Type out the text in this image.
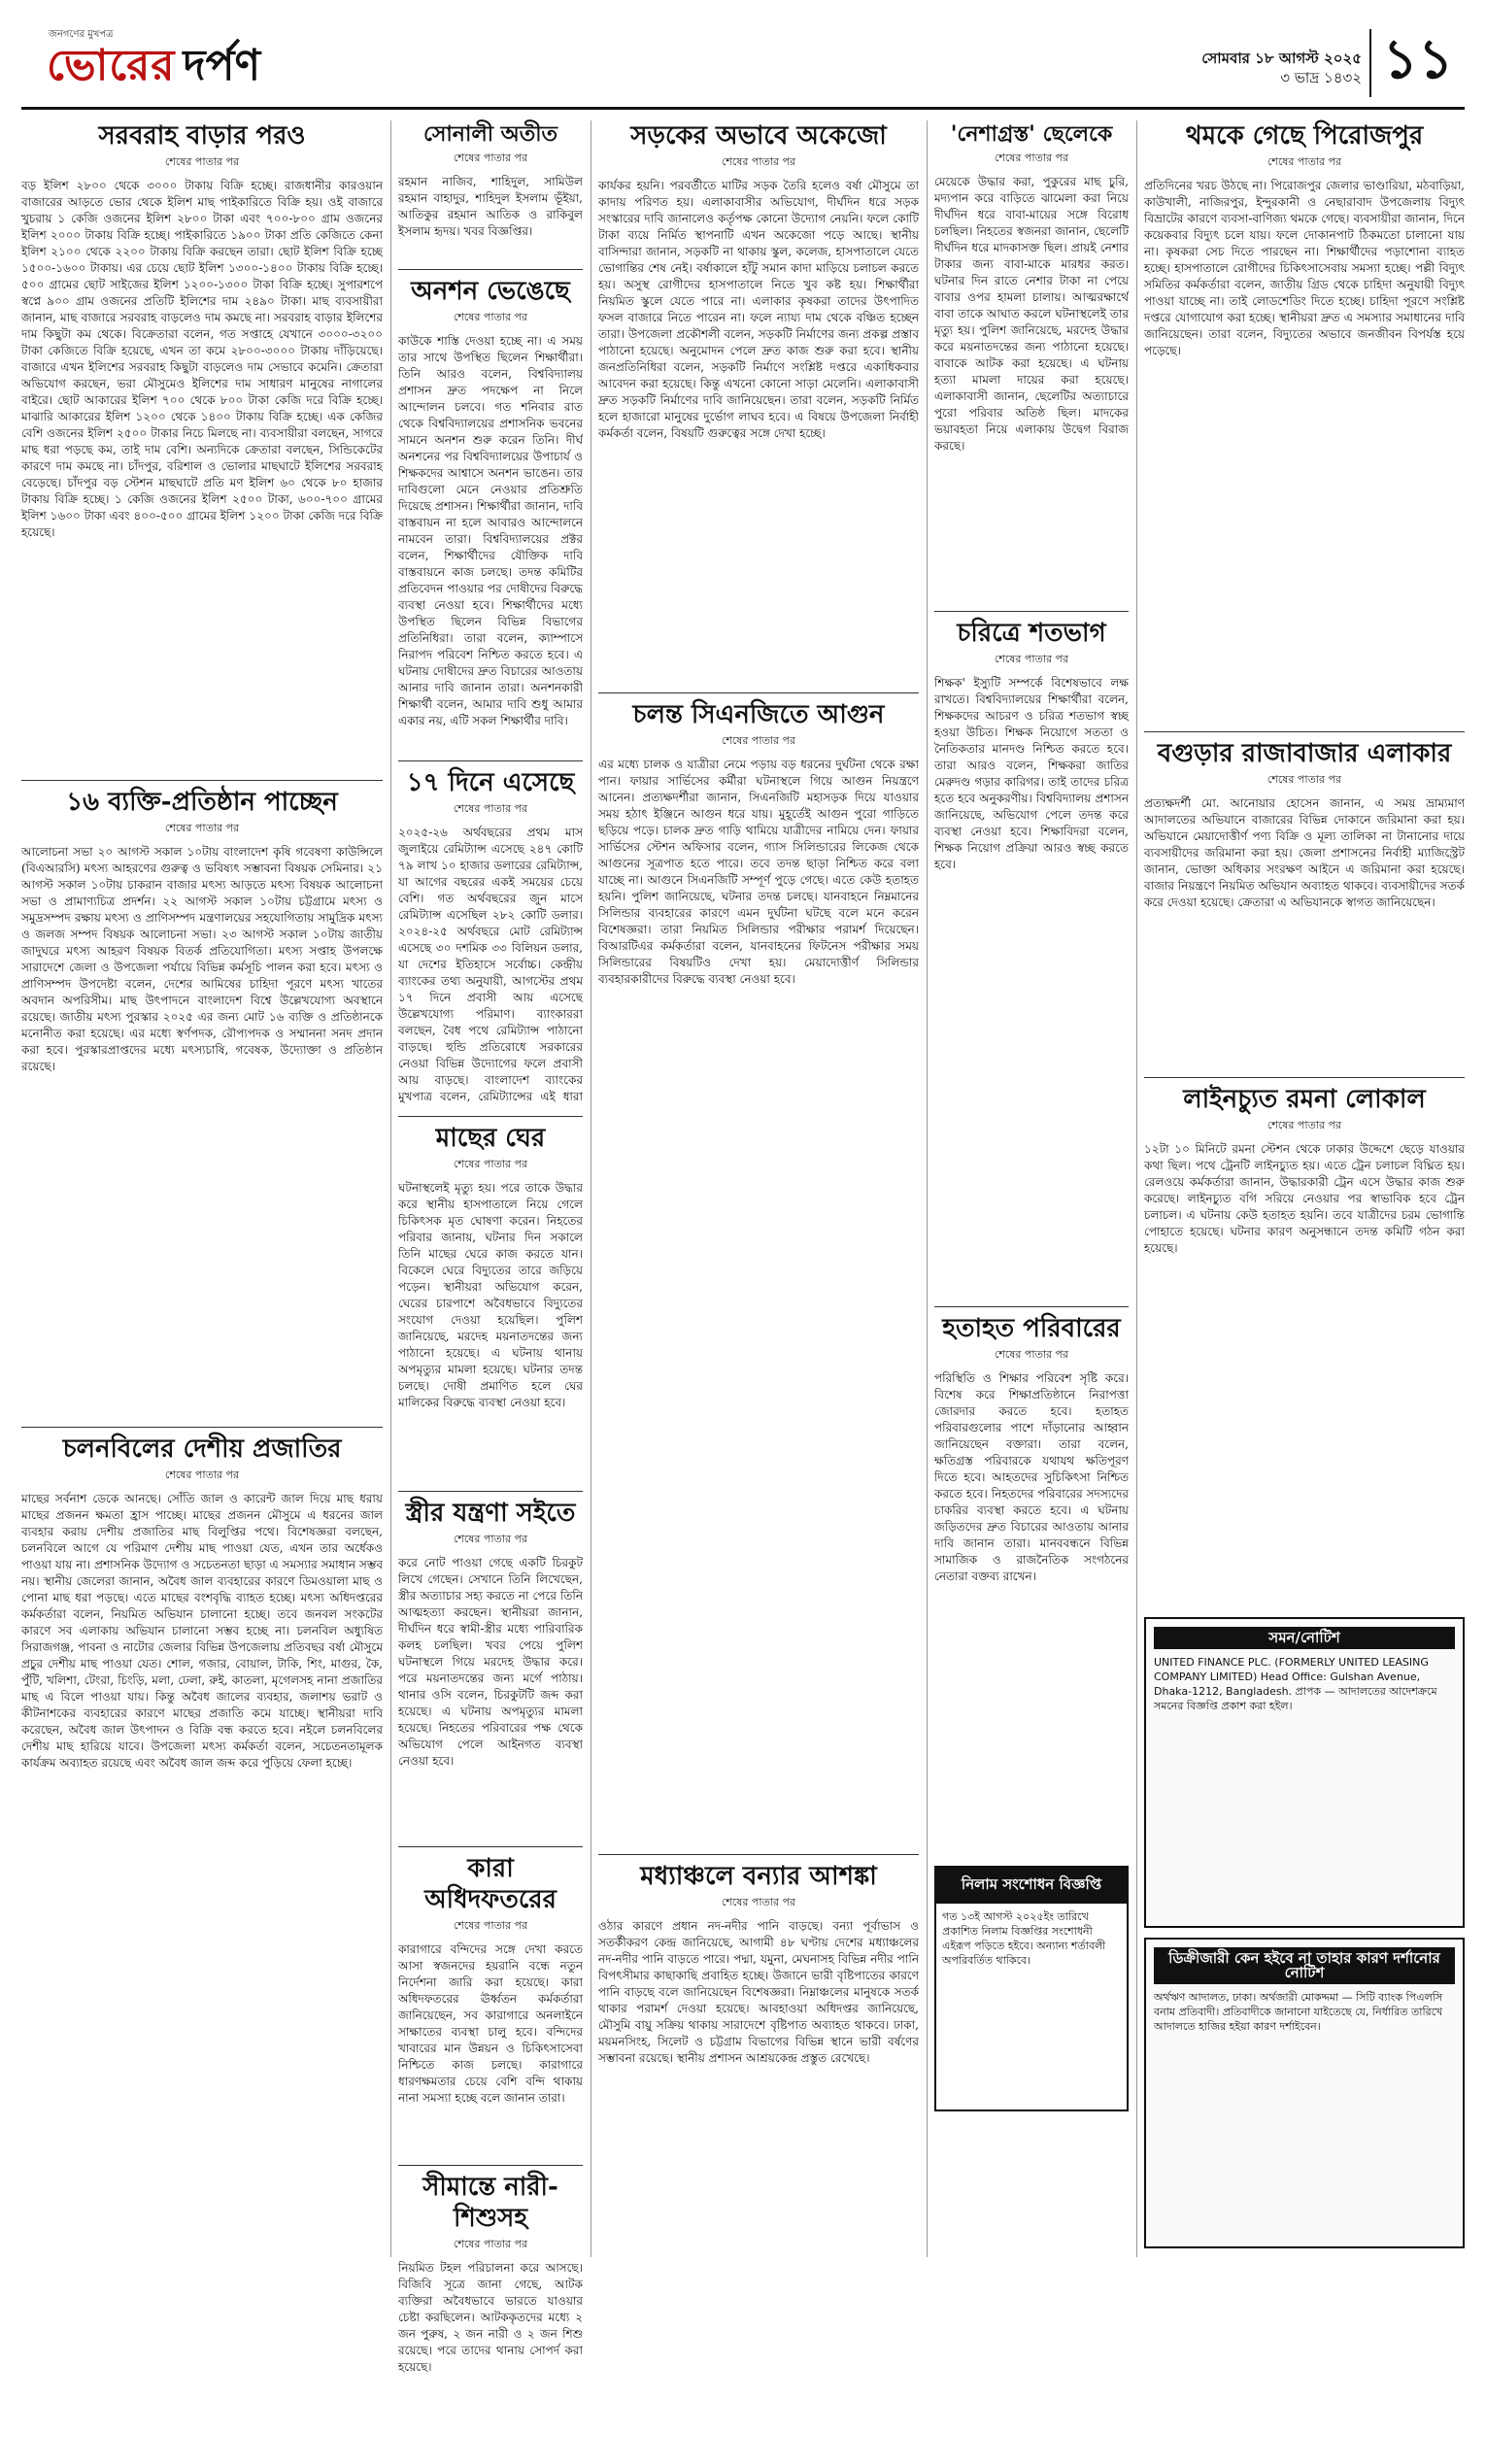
জনগণের মুখপত্র
ভোরের দর্পণ	সোমবার ১৮ আগস্ট ২০২৫
৩ ভাদ্র ১৪৩২ ১১
সরবরাহ বাড়ার পরও
শেষের পাতার পর
বড় ইলিশ ২৮০০ থেকে ৩০০০ টাকায় বিক্রি হচ্ছে। রাজধানীর কারওয়ান বাজারের আড়তে ভোর থেকে ইলিশ মাছ পাইকারিতে বিক্রি হয়। ওই বাজারে খুচরায় ১ কেজি ওজনের ইলিশ ২৮০০ টাকা এবং ৭০০-৮০০ গ্রাম ওজনের ইলিশ ২০০০ টাকায় বিক্রি হচ্ছে। পাইকারিতে ১৯০০ টাকা প্রতি কেজিতে কেনা ইলিশ ২১০০ থেকে ২২০০ টাকায় বিক্রি করছেন তারা। ছোট ইলিশ বিক্রি হচ্ছে ১৫০০-১৬০০ টাকায়। এর চেয়ে ছোট ইলিশ ১৩০০-১৪০০ টাকায় বিক্রি হচ্ছে। ৫০০ গ্রামের ছোট সাইজের ইলিশ ১২০০-১৩০০ টাকা বিক্রি হচ্ছে। সুপারশপে স্বপ্নে ৯০০ গ্রাম ওজনের প্রতিটি ইলিশের দাম ২৪৯০ টাকা। মাছ ব্যবসায়ীরা জানান, মাছ বাজারে সরবরাহ বাড়লেও দাম কমছে না। সরবরাহ বাড়ার ইলিশের দাম কিছুটা কম থেকে। বিক্রেতারা বলেন, গত সপ্তাহে যেখানে ৩০০০-৩২০০ টাকা কেজিতে বিক্রি হয়েছে, এখন তা কমে ২৮০০-৩০০০ টাকায় দাঁড়িয়েছে। বাজারে এখন ইলিশের সরবরাহ কিছুটা বাড়লেও দাম সেভাবে কমেনি। ক্রেতারা অভিযোগ করছেন, ভরা মৌসুমেও ইলিশের দাম সাধারণ মানুষের নাগালের বাইরে। ছোট আকারের ইলিশ ৭০০ থেকে ৮০০ টাকা কেজি দরে বিক্রি হচ্ছে। মাঝারি আকারের ইলিশ ১২০০ থেকে ১৪০০ টাকায় বিক্রি হচ্ছে। এক কেজির বেশি ওজনের ইলিশ ২৫০০ টাকার নিচে মিলছে না। ব্যবসায়ীরা বলছেন, সাগরে মাছ ধরা পড়ছে কম, তাই দাম বেশি। অন্যদিকে ক্রেতারা বলছেন, সিন্ডিকেটের কারণে দাম কমছে না। চাঁদপুর, বরিশাল ও ভোলার মাছঘাটে ইলিশের সরবরাহ বেড়েছে। চাঁদপুর বড় স্টেশন মাছঘাটে প্রতি মণ ইলিশ ৬০ থেকে ৮০ হাজার টাকায় বিক্রি হচ্ছে। ১ কেজি ওজনের ইলিশ ২৫০০ টাকা, ৬০০-৭০০ গ্রামের ইলিশ ১৬০০ টাকা এবং ৪০০-৫০০ গ্রামের ইলিশ ১২০০ টাকা কেজি দরে বিক্রি হয়েছে।
১৬ ব্যক্তি-প্রতিষ্ঠান পাচ্ছেন
শেষের পাতার পর
আলোচনা সভা ২০ আগস্ট সকাল ১০টায় বাংলাদেশ কৃষি গবেষণা কাউন্সিলে (বিএআরসি) মৎস্য আহরণের গুরুত্ব ও ভবিষ্যৎ সম্ভাবনা বিষয়ক সেমিনার। ২১ আগস্ট সকাল ১০টায় চাকরান বাজার মৎস্য আড়তে মৎস্য বিষয়ক আলোচনা সভা ও প্রামাণ্যচিত্র প্রদর্শন। ২২ আগস্ট সকাল ১০টায় চট্টগ্রামে মৎস্য ও সমুদ্রসম্পদ রক্ষায় মৎস্য ও প্রাণিসম্পদ মন্ত্রণালয়ের সহযোগিতায় সামুদ্রিক মৎস্য ও জলজ সম্পদ বিষয়ক আলোচনা সভা। ২৩ আগস্ট সকাল ১০টায় জাতীয় জাদুঘরে মৎস্য আহরণ বিষয়ক বিতর্ক প্রতিযোগিতা। মৎস্য সপ্তাহ উপলক্ষে সারাদেশে জেলা ও উপজেলা পর্যায়ে বিভিন্ন কর্মসূচি পালন করা হবে। মৎস্য ও প্রাণিসম্পদ উপদেষ্টা বলেন, দেশের আমিষের চাহিদা পূরণে মৎস্য খাতের অবদান অপরিসীম। মাছ উৎপাদনে বাংলাদেশ বিশ্বে উল্লেখযোগ্য অবস্থানে রয়েছে। জাতীয় মৎস্য পুরস্কার ২০২৫ এর জন্য মোট ১৬ ব্যক্তি ও প্রতিষ্ঠানকে মনোনীত করা হয়েছে। এর মধ্যে স্বর্ণপদক, রৌপ্যপদক ও সম্মাননা সনদ প্রদান করা হবে। পুরস্কারপ্রাপ্তদের মধ্যে মৎস্যচাষি, গবেষক, উদ্যোক্তা ও প্রতিষ্ঠান রয়েছে।
চলনবিলের দেশীয় প্রজাতির
শেষের পাতার পর
মাছের সর্বনাশ ডেকে আনছে। সোঁতি জাল ও কারেন্ট জাল দিয়ে মাছ ধরায় মাছের প্রজনন ক্ষমতা হ্রাস পাচ্ছে। মাছের প্রজনন মৌসুমে এ ধরনের জাল ব্যবহার করায় দেশীয় প্রজাতির মাছ বিলুপ্তির পথে। বিশেষজ্ঞরা বলছেন, চলনবিলে আগে যে পরিমাণ দেশীয় মাছ পাওয়া যেত, এখন তার অর্ধেকও পাওয়া যায় না। প্রশাসনিক উদ্যোগ ও সচেতনতা ছাড়া এ সমস্যার সমাধান সম্ভব নয়। স্থানীয় জেলেরা জানান, অবৈধ জাল ব্যবহারের কারণে ডিমওয়ালা মাছ ও পোনা মাছ ধরা পড়ছে। এতে মাছের বংশবৃদ্ধি ব্যাহত হচ্ছে। মৎস্য অধিদপ্তরের কর্মকর্তারা বলেন, নিয়মিত অভিযান চালানো হচ্ছে। তবে জনবল সংকটের কারণে সব এলাকায় অভিযান চালানো সম্ভব হচ্ছে না। চলনবিল অধ্যুষিত সিরাজগঞ্জ, পাবনা ও নাটোর জেলার বিভিন্ন উপজেলায় প্রতিবছর বর্ষা মৌসুমে প্রচুর দেশীয় মাছ পাওয়া যেত। শোল, গজার, বোয়াল, টাকি, শিং, মাগুর, কৈ, পুঁটি, খলিশা, টেংরা, চিংড়ি, মলা, ঢেলা, রুই, কাতলা, মৃগেলসহ নানা প্রজাতির মাছ এ বিলে পাওয়া যায়। কিন্তু অবৈধ জালের ব্যবহার, জলাশয় ভরাট ও কীটনাশকের ব্যবহারের কারণে মাছের প্রজাতি কমে যাচ্ছে। স্থানীয়রা দাবি করেছেন, অবৈধ জাল উৎপাদন ও বিক্রি বন্ধ করতে হবে। নইলে চলনবিলের দেশীয় মাছ হারিয়ে যাবে। উপজেলা মৎস্য কর্মকর্তা বলেন, সচেতনতামূলক কার্যক্রম অব্যাহত রয়েছে এবং অবৈধ জাল জব্দ করে পুড়িয়ে ফেলা হচ্ছে।
সোনালী অতীত
শেষের পাতার পর
রহমান নাজিব, শাহিদুল, সামিউল রহমান বাহাদুর, শাহিদুল ইসলাম ভূঁইয়া, আতিকুর রহমান আতিক ও রাকিবুল ইসলাম হৃদয়। খবর বিজ্ঞপ্তির।
অনশন ভেঙেছে
শেষের পাতার পর
কাউকে শাস্তি দেওয়া হচ্ছে না। এ সময় তার সাথে উপস্থিত ছিলেন শিক্ষার্থীরা। তিনি আরও বলেন, বিশ্ববিদ্যালয় প্রশাসন দ্রুত পদক্ষেপ না নিলে আন্দোলন চলবে। গত শনিবার রাত থেকে বিশ্ববিদ্যালয়ের প্রশাসনিক ভবনের সামনে অনশন শুরু করেন তিনি। দীর্ঘ অনশনের পর বিশ্ববিদ্যালয়ের উপাচার্য ও শিক্ষকদের আশ্বাসে অনশন ভাঙেন। তার দাবিগুলো মেনে নেওয়ার প্রতিশ্রুতি দিয়েছে প্রশাসন। শিক্ষার্থীরা জানান, দাবি বাস্তবায়ন না হলে আবারও আন্দোলনে নামবেন তারা। বিশ্ববিদ্যালয়ের প্রক্টর বলেন, শিক্ষার্থীদের যৌক্তিক দাবি বাস্তবায়নে কাজ চলছে। তদন্ত কমিটির প্রতিবেদন পাওয়ার পর দোষীদের বিরুদ্ধে ব্যবস্থা নেওয়া হবে। শিক্ষার্থীদের মধ্যে উপস্থিত ছিলেন বিভিন্ন বিভাগের প্রতিনিধিরা। তারা বলেন, ক্যাম্পাসে নিরাপদ পরিবেশ নিশ্চিত করতে হবে। এ ঘটনায় দোষীদের দ্রুত বিচারের আওতায় আনার দাবি জানান তারা। অনশনকারী শিক্ষার্থী বলেন, আমার দাবি শুধু আমার একার নয়, এটি সকল শিক্ষার্থীর দাবি।
১৭ দিনে এসেছে
শেষের পাতার পর
২০২৫-২৬ অর্থবছরের প্রথম মাস জুলাইয়ে রেমিট্যান্স এসেছে ২৪৭ কোটি ৭৯ লাখ ১০ হাজার ডলারের রেমিট্যান্স, যা আগের বছরের একই সময়ের চেয়ে বেশি। গত অর্থবছরের জুন মাসে রেমিট্যান্স এসেছিল ২৮২ কোটি ডলার। ২০২৪-২৫ অর্থবছরে মোট রেমিট্যান্স এসেছে ৩০ দশমিক ৩৩ বিলিয়ন ডলার, যা দেশের ইতিহাসে সর্বোচ্চ। কেন্দ্রীয় ব্যাংকের তথ্য অনুযায়ী, আগস্টের প্রথম ১৭ দিনে প্রবাসী আয় এসেছে উল্লেখযোগ্য পরিমাণ। ব্যাংকাররা বলছেন, বৈধ পথে রেমিট্যান্স পাঠানো বাড়ছে। হুন্ডি প্রতিরোধে সরকারের নেওয়া বিভিন্ন উদ্যোগের ফলে প্রবাসী আয় বাড়ছে। বাংলাদেশ ব্যাংকের মুখপাত্র বলেন, রেমিট্যান্সের এই ধারা
মাছের ঘের
শেষের পাতার পর
ঘটনাস্থলেই মৃত্যু হয়। পরে তাকে উদ্ধার করে স্থানীয় হাসপাতালে নিয়ে গেলে চিকিৎসক মৃত ঘোষণা করেন। নিহতের পরিবার জানায়, ঘটনার দিন সকালে তিনি মাছের ঘেরে কাজ করতে যান। বিকেলে ঘেরে বিদ্যুতের তারে জড়িয়ে পড়েন। স্থানীয়রা অভিযোগ করেন, ঘেরের চারপাশে অবৈধভাবে বিদ্যুতের সংযোগ দেওয়া হয়েছিল। পুলিশ জানিয়েছে, মরদেহ ময়নাতদন্তের জন্য পাঠানো হয়েছে। এ ঘটনায় থানায় অপমৃত্যুর মামলা হয়েছে। ঘটনার তদন্ত চলছে। দোষী প্রমাণিত হলে ঘের মালিকের বিরুদ্ধে ব্যবস্থা নেওয়া হবে।
স্ত্রীর যন্ত্রণা সইতে
শেষের পাতার পর
করে নোট পাওয়া গেছে একটি চিরকুট লিখে গেছেন। সেখানে তিনি লিখেছেন, স্ত্রীর অত্যাচার সহ্য করতে না পেরে তিনি আত্মহত্যা করছেন। স্থানীয়রা জানান, দীর্ঘদিন ধরে স্বামী-স্ত্রীর মধ্যে পারিবারিক কলহ চলছিল। খবর পেয়ে পুলিশ ঘটনাস্থলে গিয়ে মরদেহ উদ্ধার করে। পরে ময়নাতদন্তের জন্য মর্গে পাঠায়। থানার ওসি বলেন, চিরকুটটি জব্দ করা হয়েছে। এ ঘটনায় অপমৃত্যুর মামলা হয়েছে। নিহতের পরিবারের পক্ষ থেকে অভিযোগ পেলে আইনগত ব্যবস্থা নেওয়া হবে।
কারা অধিদফতরের
শেষের পাতার পর
কারাগারে বন্দিদের সঙ্গে দেখা করতে আসা স্বজনদের হয়রানি বন্ধে নতুন নির্দেশনা জারি করা হয়েছে। কারা অধিদফতরের ঊর্ধ্বতন কর্মকর্তারা জানিয়েছেন, সব কারাগারে অনলাইনে সাক্ষাতের ব্যবস্থা চালু হবে। বন্দিদের খাবারের মান উন্নয়ন ও চিকিৎসাসেবা নিশ্চিতে কাজ চলছে। কারাগারে ধারণক্ষমতার চেয়ে বেশি বন্দি থাকায় নানা সমস্যা হচ্ছে বলে জানান তারা।
সীমান্তে নারী-শিশুসহ
শেষের পাতার পর
নিয়মিত টহল পরিচালনা করে আসছে। বিজিবি সূত্রে জানা গেছে, আটক ব্যক্তিরা অবৈধভাবে ভারতে যাওয়ার চেষ্টা করছিলেন। আটককৃতদের মধ্যে ২ জন পুরুষ, ২ জন নারী ও ২ জন শিশু রয়েছে। পরে তাদের থানায় সোপর্দ করা হয়েছে।
সড়কের অভাবে অকেজো
শেষের পাতার পর
কার্যকর হয়নি। পরবর্তীতে মাটির সড়ক তৈরি হলেও বর্ষা মৌসুমে তা কাদায় পরিণত হয়। এলাকাবাসীর অভিযোগ, দীর্ঘদিন ধরে সড়ক সংস্কারের দাবি জানালেও কর্তৃপক্ষ কোনো উদ্যোগ নেয়নি। ফলে কোটি টাকা ব্যয়ে নির্মিত স্থাপনাটি এখন অকেজো পড়ে আছে। স্থানীয় বাসিন্দারা জানান, সড়কটি না থাকায় স্কুল, কলেজ, হাসপাতালে যেতে ভোগান্তির শেষ নেই। বর্ষাকালে হাঁটু সমান কাদা মাড়িয়ে চলাচল করতে হয়। অসুস্থ রোগীদের হাসপাতালে নিতে খুব কষ্ট হয়। শিক্ষার্থীরা নিয়মিত স্কুলে যেতে পারে না। এলাকার কৃষকরা তাদের উৎপাদিত ফসল বাজারে নিতে পারেন না। ফলে ন্যায্য দাম থেকে বঞ্চিত হচ্ছেন তারা। উপজেলা প্রকৌশলী বলেন, সড়কটি নির্মাণের জন্য প্রকল্প প্রস্তাব পাঠানো হয়েছে। অনুমোদন পেলে দ্রুত কাজ শুরু করা হবে। স্থানীয় জনপ্রতিনিধিরা বলেন, সড়কটি নির্মাণে সংশ্লিষ্ট দপ্তরে একাধিকবার আবেদন করা হয়েছে। কিন্তু এখনো কোনো সাড়া মেলেনি। এলাকাবাসী দ্রুত সড়কটি নির্মাণের দাবি জানিয়েছেন। তারা বলেন, সড়কটি নির্মিত হলে হাজারো মানুষের দুর্ভোগ লাঘব হবে। এ বিষয়ে উপজেলা নির্বাহী কর্মকর্তা বলেন, বিষয়টি গুরুত্বের সঙ্গে দেখা হচ্ছে।
চলন্ত সিএনজিতে আগুন
শেষের পাতার পর
এর মধ্যে চালক ও যাত্রীরা নেমে পড়ায় বড় ধরনের দুর্ঘটনা থেকে রক্ষা পান। ফায়ার সার্ভিসের কর্মীরা ঘটনাস্থলে গিয়ে আগুন নিয়ন্ত্রণে আনেন। প্রত্যক্ষদর্শীরা জানান, সিএনজিটি মহাসড়ক দিয়ে যাওয়ার সময় হঠাৎ ইঞ্জিনে আগুন ধরে যায়। মুহূর্তেই আগুন পুরো গাড়িতে ছড়িয়ে পড়ে। চালক দ্রুত গাড়ি থামিয়ে যাত্রীদের নামিয়ে দেন। ফায়ার সার্ভিসের স্টেশন অফিসার বলেন, গ্যাস সিলিন্ডারের লিকেজ থেকে আগুনের সূত্রপাত হতে পারে। তবে তদন্ত ছাড়া নিশ্চিত করে বলা যাচ্ছে না। আগুনে সিএনজিটি সম্পূর্ণ পুড়ে গেছে। এতে কেউ হতাহত হয়নি। পুলিশ জানিয়েছে, ঘটনার তদন্ত চলছে। যানবাহনে নিম্নমানের সিলিন্ডার ব্যবহারের কারণে এমন দুর্ঘটনা ঘটছে বলে মনে করেন বিশেষজ্ঞরা। তারা নিয়মিত সিলিন্ডার পরীক্ষার পরামর্শ দিয়েছেন। বিআরটিএর কর্মকর্তারা বলেন, যানবাহনের ফিটনেস পরীক্ষার সময় সিলিন্ডারের বিষয়টিও দেখা হয়। মেয়াদোত্তীর্ণ সিলিন্ডার ব্যবহারকারীদের বিরুদ্ধে ব্যবস্থা নেওয়া হবে।
মধ্যাঞ্চলে বন্যার আশঙ্কা
শেষের পাতার পর
ওঠার কারণে প্রধান নদ-নদীর পানি বাড়ছে। বন্যা পূর্বাভাস ও সতর্কীকরণ কেন্দ্র জানিয়েছে, আগামী ৪৮ ঘণ্টায় দেশের মধ্যাঞ্চলের নদ-নদীর পানি বাড়তে পারে। পদ্মা, যমুনা, মেঘনাসহ বিভিন্ন নদীর পানি বিপৎসীমার কাছাকাছি প্রবাহিত হচ্ছে। উজানে ভারী বৃষ্টিপাতের কারণে পানি বাড়ছে বলে জানিয়েছেন বিশেষজ্ঞরা। নিম্নাঞ্চলের মানুষকে সতর্ক থাকার পরামর্শ দেওয়া হয়েছে। আবহাওয়া অধিদপ্তর জানিয়েছে, মৌসুমি বায়ু সক্রিয় থাকায় সারাদেশে বৃষ্টিপাত অব্যাহত থাকবে। ঢাকা, ময়মনসিংহ, সিলেট ও চট্টগ্রাম বিভাগের বিভিন্ন স্থানে ভারী বর্ষণের সম্ভাবনা রয়েছে। স্থানীয় প্রশাসন আশ্রয়কেন্দ্র প্রস্তুত রেখেছে।
'নেশাগ্রস্ত' ছেলেকে
শেষের পাতার পর
মেয়েকে উদ্ধার করা, পুকুরের মাছ চুরি, মদ্যপান করে বাড়িতে ঝামেলা করা নিয়ে দীর্ঘদিন ধরে বাবা-মায়ের সঙ্গে বিরোধ চলছিল। নিহতের স্বজনরা জানান, ছেলেটি দীর্ঘদিন ধরে মাদকাসক্ত ছিল। প্রায়ই নেশার টাকার জন্য বাবা-মাকে মারধর করত। ঘটনার দিন রাতে নেশার টাকা না পেয়ে বাবার ওপর হামলা চালায়। আত্মরক্ষার্থে বাবা তাকে আঘাত করলে ঘটনাস্থলেই তার মৃত্যু হয়। পুলিশ জানিয়েছে, মরদেহ উদ্ধার করে ময়নাতদন্তের জন্য পাঠানো হয়েছে। বাবাকে আটক করা হয়েছে। এ ঘটনায় হত্যা মামলা দায়ের করা হয়েছে। এলাকাবাসী জানান, ছেলেটির অত্যাচারে পুরো পরিবার অতিষ্ঠ ছিল। মাদকের ভয়াবহতা নিয়ে এলাকায় উদ্বেগ বিরাজ করছে।
চরিত্রে শতভাগ
শেষের পাতার পর
শিক্ষক' ইস্যুটি সম্পর্কে বিশেষভাবে লক্ষ রাখতে। বিশ্ববিদ্যালয়ের শিক্ষার্থীরা বলেন, শিক্ষকদের আচরণ ও চরিত্র শতভাগ স্বচ্ছ হওয়া উচিত। শিক্ষক নিয়োগে সততা ও নৈতিকতার মানদণ্ড নিশ্চিত করতে হবে। তারা আরও বলেন, শিক্ষকরা জাতির মেরুদণ্ড গড়ার কারিগর। তাই তাদের চরিত্র হতে হবে অনুকরণীয়। বিশ্ববিদ্যালয় প্রশাসন জানিয়েছে, অভিযোগ পেলে তদন্ত করে ব্যবস্থা নেওয়া হবে। শিক্ষাবিদরা বলেন, শিক্ষক নিয়োগ প্রক্রিয়া আরও স্বচ্ছ করতে হবে।
হতাহত পরিবারের
শেষের পাতার পর
পরিস্থিতি ও শিক্ষার পরিবেশ সৃষ্টি করে। বিশেষ করে শিক্ষাপ্রতিষ্ঠানে নিরাপত্তা জোরদার করতে হবে। হতাহত পরিবারগুলোর পাশে দাঁড়ানোর আহ্বান জানিয়েছেন বক্তারা। তারা বলেন, ক্ষতিগ্রস্ত পরিবারকে যথাযথ ক্ষতিপূরণ দিতে হবে। আহতদের সুচিকিৎসা নিশ্চিত করতে হবে। নিহতদের পরিবারের সদস্যদের চাকরির ব্যবস্থা করতে হবে। এ ঘটনায় জড়িতদের দ্রুত বিচারের আওতায় আনার দাবি জানান তারা। মানববন্ধনে বিভিন্ন সামাজিক ও রাজনৈতিক সংগঠনের নেতারা বক্তব্য রাখেন।
নিলাম সংশোধন বিজ্ঞপ্তি
গত ১৩ই আগস্ট ২০২৫ইং তারিখে প্রকাশিত নিলাম বিজ্ঞপ্তির সংশোধনী এইরূপ পড়িতে হইবে। অন্যান্য শর্তাবলী অপরিবর্তিত থাকিবে।
থমকে গেছে পিরোজপুর
শেষের পাতার পর
প্রতিদিনের খরচ উঠছে না। পিরোজপুর জেলার ভাণ্ডারিয়া, মঠবাড়িয়া, কাউখালী, নাজিরপুর, ইন্দুরকানী ও নেছারাবাদ উপজেলায় বিদ্যুৎ বিভ্রাটের কারণে ব্যবসা-বাণিজ্য থমকে গেছে। ব্যবসায়ীরা জানান, দিনে কয়েকবার বিদ্যুৎ চলে যায়। ফলে দোকানপাট ঠিকমতো চালানো যায় না। কৃষকরা সেচ দিতে পারছেন না। শিক্ষার্থীদের পড়াশোনা ব্যাহত হচ্ছে। হাসপাতালে রোগীদের চিকিৎসাসেবায় সমস্যা হচ্ছে। পল্লী বিদ্যুৎ সমিতির কর্মকর্তারা বলেন, জাতীয় গ্রিড থেকে চাহিদা অনুযায়ী বিদ্যুৎ পাওয়া যাচ্ছে না। তাই লোডশেডিং দিতে হচ্ছে। চাহিদা পূরণে সংশ্লিষ্ট দপ্তরে যোগাযোগ করা হচ্ছে। স্থানীয়রা দ্রুত এ সমস্যার সমাধানের দাবি জানিয়েছেন। তারা বলেন, বিদ্যুতের অভাবে জনজীবন বিপর্যস্ত হয়ে পড়েছে।
বগুড়ার রাজাবাজার এলাকার
শেষের পাতার পর
প্রত্যক্ষদর্শী মো. আনোয়ার হোসেন জানান, এ সময় ভ্রাম্যমাণ আদালতের অভিযানে বাজারের বিভিন্ন দোকানে জরিমানা করা হয়। অভিযানে মেয়াদোত্তীর্ণ পণ্য বিক্রি ও মূল্য তালিকা না টানানোর দায়ে ব্যবসায়ীদের জরিমানা করা হয়। জেলা প্রশাসনের নির্বাহী ম্যাজিস্ট্রেট জানান, ভোক্তা অধিকার সংরক্ষণ আইনে এ জরিমানা করা হয়েছে। বাজার নিয়ন্ত্রণে নিয়মিত অভিযান অব্যাহত থাকবে। ব্যবসায়ীদের সতর্ক করে দেওয়া হয়েছে। ক্রেতারা এ অভিযানকে স্বাগত জানিয়েছেন।
লাইনচ্যুত রমনা লোকাল
শেষের পাতার পর
১২টা ১০ মিনিটে রমনা স্টেশন থেকে ঢাকার উদ্দেশে ছেড়ে যাওয়ার কথা ছিল। পথে ট্রেনটি লাইনচ্যুত হয়। এতে ট্রেন চলাচল বিঘ্নিত হয়। রেলওয়ে কর্মকর্তারা জানান, উদ্ধারকারী ট্রেন এসে উদ্ধার কাজ শুরু করেছে। লাইনচ্যুত বগি সরিয়ে নেওয়ার পর স্বাভাবিক হবে ট্রেন চলাচল। এ ঘটনায় কেউ হতাহত হয়নি। তবে যাত্রীদের চরম ভোগান্তি পোহাতে হয়েছে। ঘটনার কারণ অনুসন্ধানে তদন্ত কমিটি গঠন করা হয়েছে।
সমন/নোটিশ
UNITED FINANCE PLC. (FORMERLY UNITED LEASING COMPANY LIMITED) Head Office: Gulshan Avenue, Dhaka-1212, Bangladesh. প্রাপক — আদালতের আদেশক্রমে সমনের বিজ্ঞপ্তি প্রকাশ করা হইল।
ডিক্রীজারী কেন হইবে না তাহার কারণ দর্শানোর নোটিশ
অর্থঋণ আদালত, ঢাকা। অর্থজারী মোকদ্দমা — সিটি ব্যাংক পিএলসি বনাম প্রতিবাদী। প্রতিবাদীকে জানানো যাইতেছে যে, নির্ধারিত তারিখে আদালতে হাজির হইয়া কারণ দর্শাইবেন।
